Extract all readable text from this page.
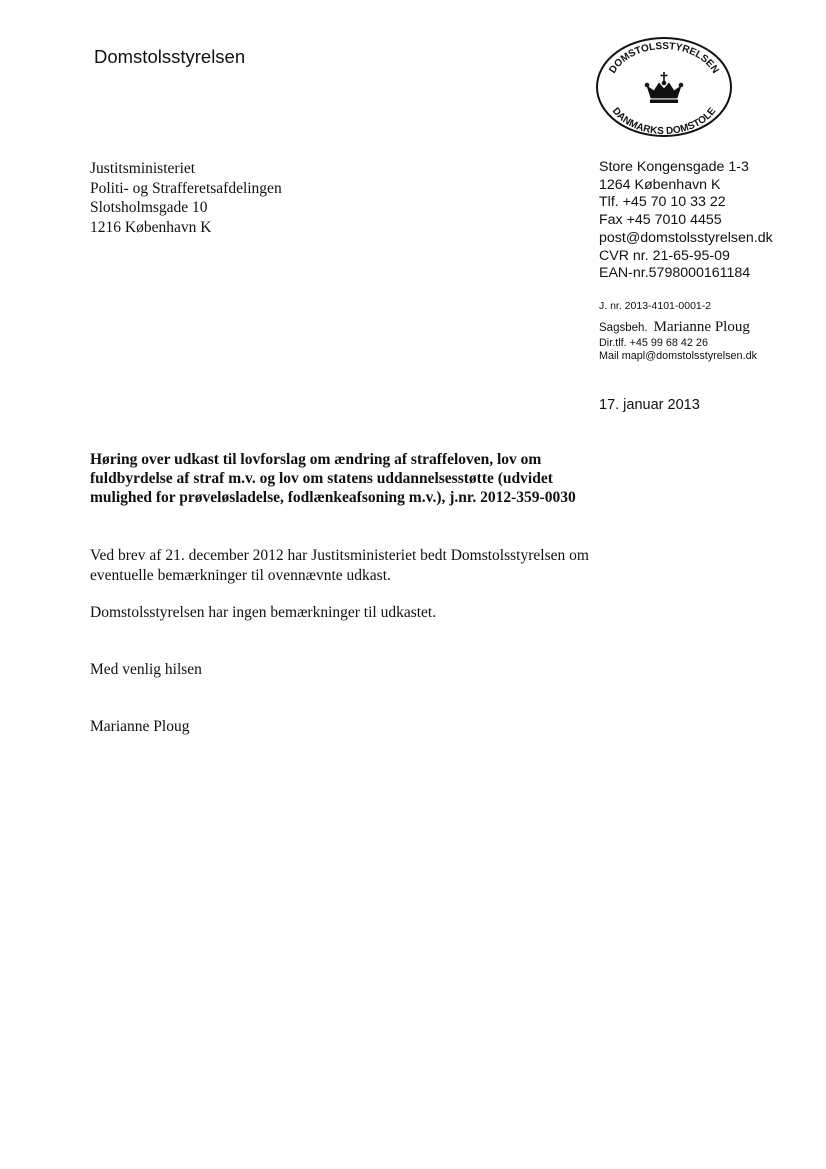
Domstolsstyrelsen
DOMSTOLSSTYRELSEN
DANMARKS DOMSTOLE
Justitsministeriet
Politi- og Strafferetsafdelingen
Slotsholmsgade 10
1216 København K
Store Kongensgade 1-3
1264 København K
Tlf. +45 70 10 33 22
Fax +45 7010 4455
post@domstolsstyrelsen.dk
CVR nr. 21-65-95-09
EAN-nr.5798000161184
J. nr. 2013-4101-0001-2
Sagsbeh. Marianne Ploug
Dir.tlf. +45 99 68 42 26
Mail mapl@domstolsstyrelsen.dk
17. januar 2013
Høring over udkast til lovforslag om ændring af straffeloven, lov om fuldbyrdelse af straf m.v. og lov om statens uddannelsesstøtte (udvidet mulighed for prøveløsladelse, fodlænkeafsoning m.v.), j.nr. 2012-359-0030
Ved brev af 21. december 2012 har Justitsministeriet bedt Domstolsstyrelsen om eventuelle bemærkninger til ovennævnte udkast.
Domstolsstyrelsen har ingen bemærkninger til udkastet.
Med venlig hilsen
Marianne Ploug
